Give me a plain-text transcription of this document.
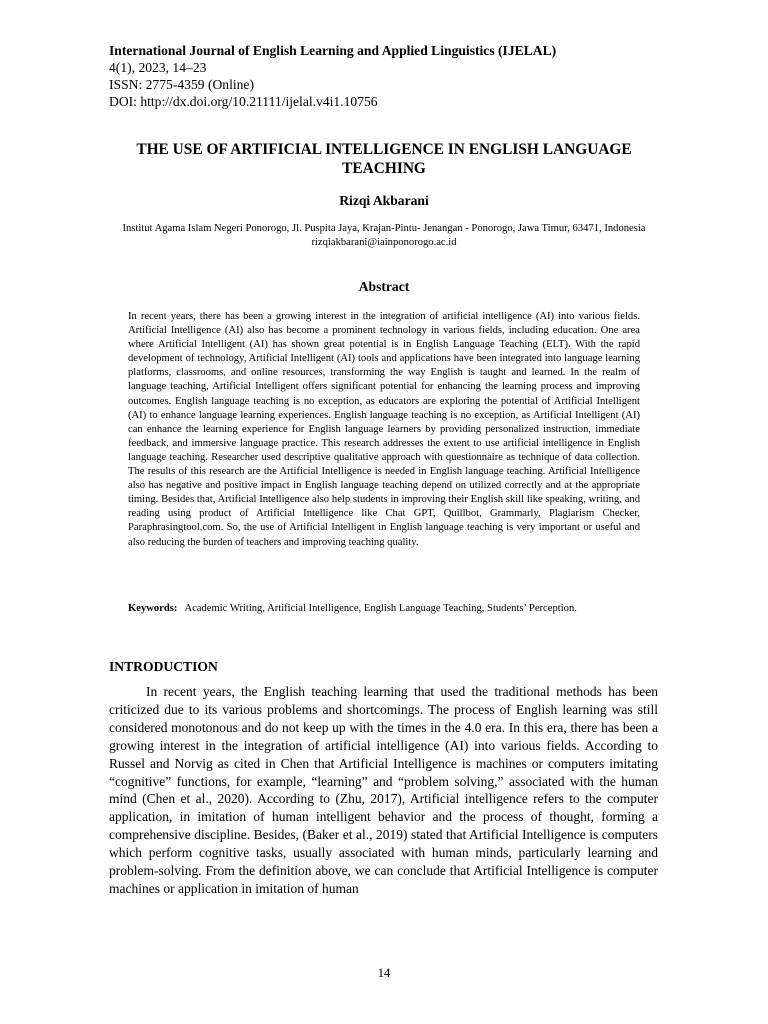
International Journal of English Learning and Applied Linguistics (IJELAL)
4(1), 2023, 14–23
ISSN: 2775-4359 (Online)
DOI: http://dx.doi.org/10.21111/ijelal.v4i1.10756
THE USE OF ARTIFICIAL INTELLIGENCE IN ENGLISH LANGUAGE TEACHING
Rizqi Akbarani
Institut Agama Islam Negeri Ponorogo, Jl. Puspita Jaya, Krajan-Pintu- Jenangan - Ponorogo, Jawa Timur, 63471, Indonesia
rizqiakbarani@iainponorogo.ac.id
Abstract
In recent years, there has been a growing interest in the integration of artificial intelligence (AI) into various fields. Artificial Intelligence (AI) also has become a prominent technology in various fields, including education. One area where Artificial Intelligent (AI) has shown great potential is in English Language Teaching (ELT). With the rapid development of technology, Artificial Intelligent (AI) tools and applications have been integrated into language learning platforms, classrooms, and online resources, transforming the way English is taught and learned. In the realm of language teaching, Artificial Intelligent offers significant potential for enhancing the learning process and improving outcomes. English language teaching is no exception, as educators are exploring the potential of Artificial Intelligent (AI) to enhance language learning experiences. English language teaching is no exception, as Artificial Intelligent (AI) can enhance the learning experience for English language learners by providing personalized instruction, immediate feedback, and immersive language practice. This research addresses the extent to use artificial intelligence in English language teaching. Researcher used descriptive qualitative approach with questionnaire as technique of data collection. The results of this research are the Artificial Intelligence is needed in English language teaching. Artificial Intelligence also has negative and positive impact in English language teaching depend on utilized correctly and at the appropriate timing. Besides that, Artificial Intelligence also help students in improving their English skill like speaking, writing, and reading using product of Artificial Intelligence like Chat GPT, Quillbot, Grammarly, Plagiarism Checker, Paraphrasingtool.com. So, the use of Artificial Intelligent in English language teaching is very important or useful and also reducing the burden of teachers and improving teaching quality.
Keywords: Academic Writing, Artificial Intelligence, English Language Teaching, Students’ Perception.
INTRODUCTION

In recent years, the English teaching learning that used the traditional methods has been criticized due to its various problems and shortcomings. The process of English learning was still considered monotonous and do not keep up with the times in the 4.0 era. In this era, there has been a growing interest in the integration of artificial intelligence (AI) into various fields. According to Russel and Norvig as cited in Chen that Artificial Intelligence is machines or computers imitating “cognitive” functions, for example, “learning” and “problem solving,” associated with the human mind (Chen et al., 2020). According to (Zhu, 2017), Artificial intelligence refers to the computer application, in imitation of human intelligent behavior and the process of thought, forming a comprehensive discipline. Besides, (Baker et al., 2019) stated that Artificial Intelligence is computers which perform cognitive tasks, usually associated with human minds, particularly learning and problem-solving. From the definition above, we can conclude that Artificial Intelligence is computer machines or application in imitation of human

14
